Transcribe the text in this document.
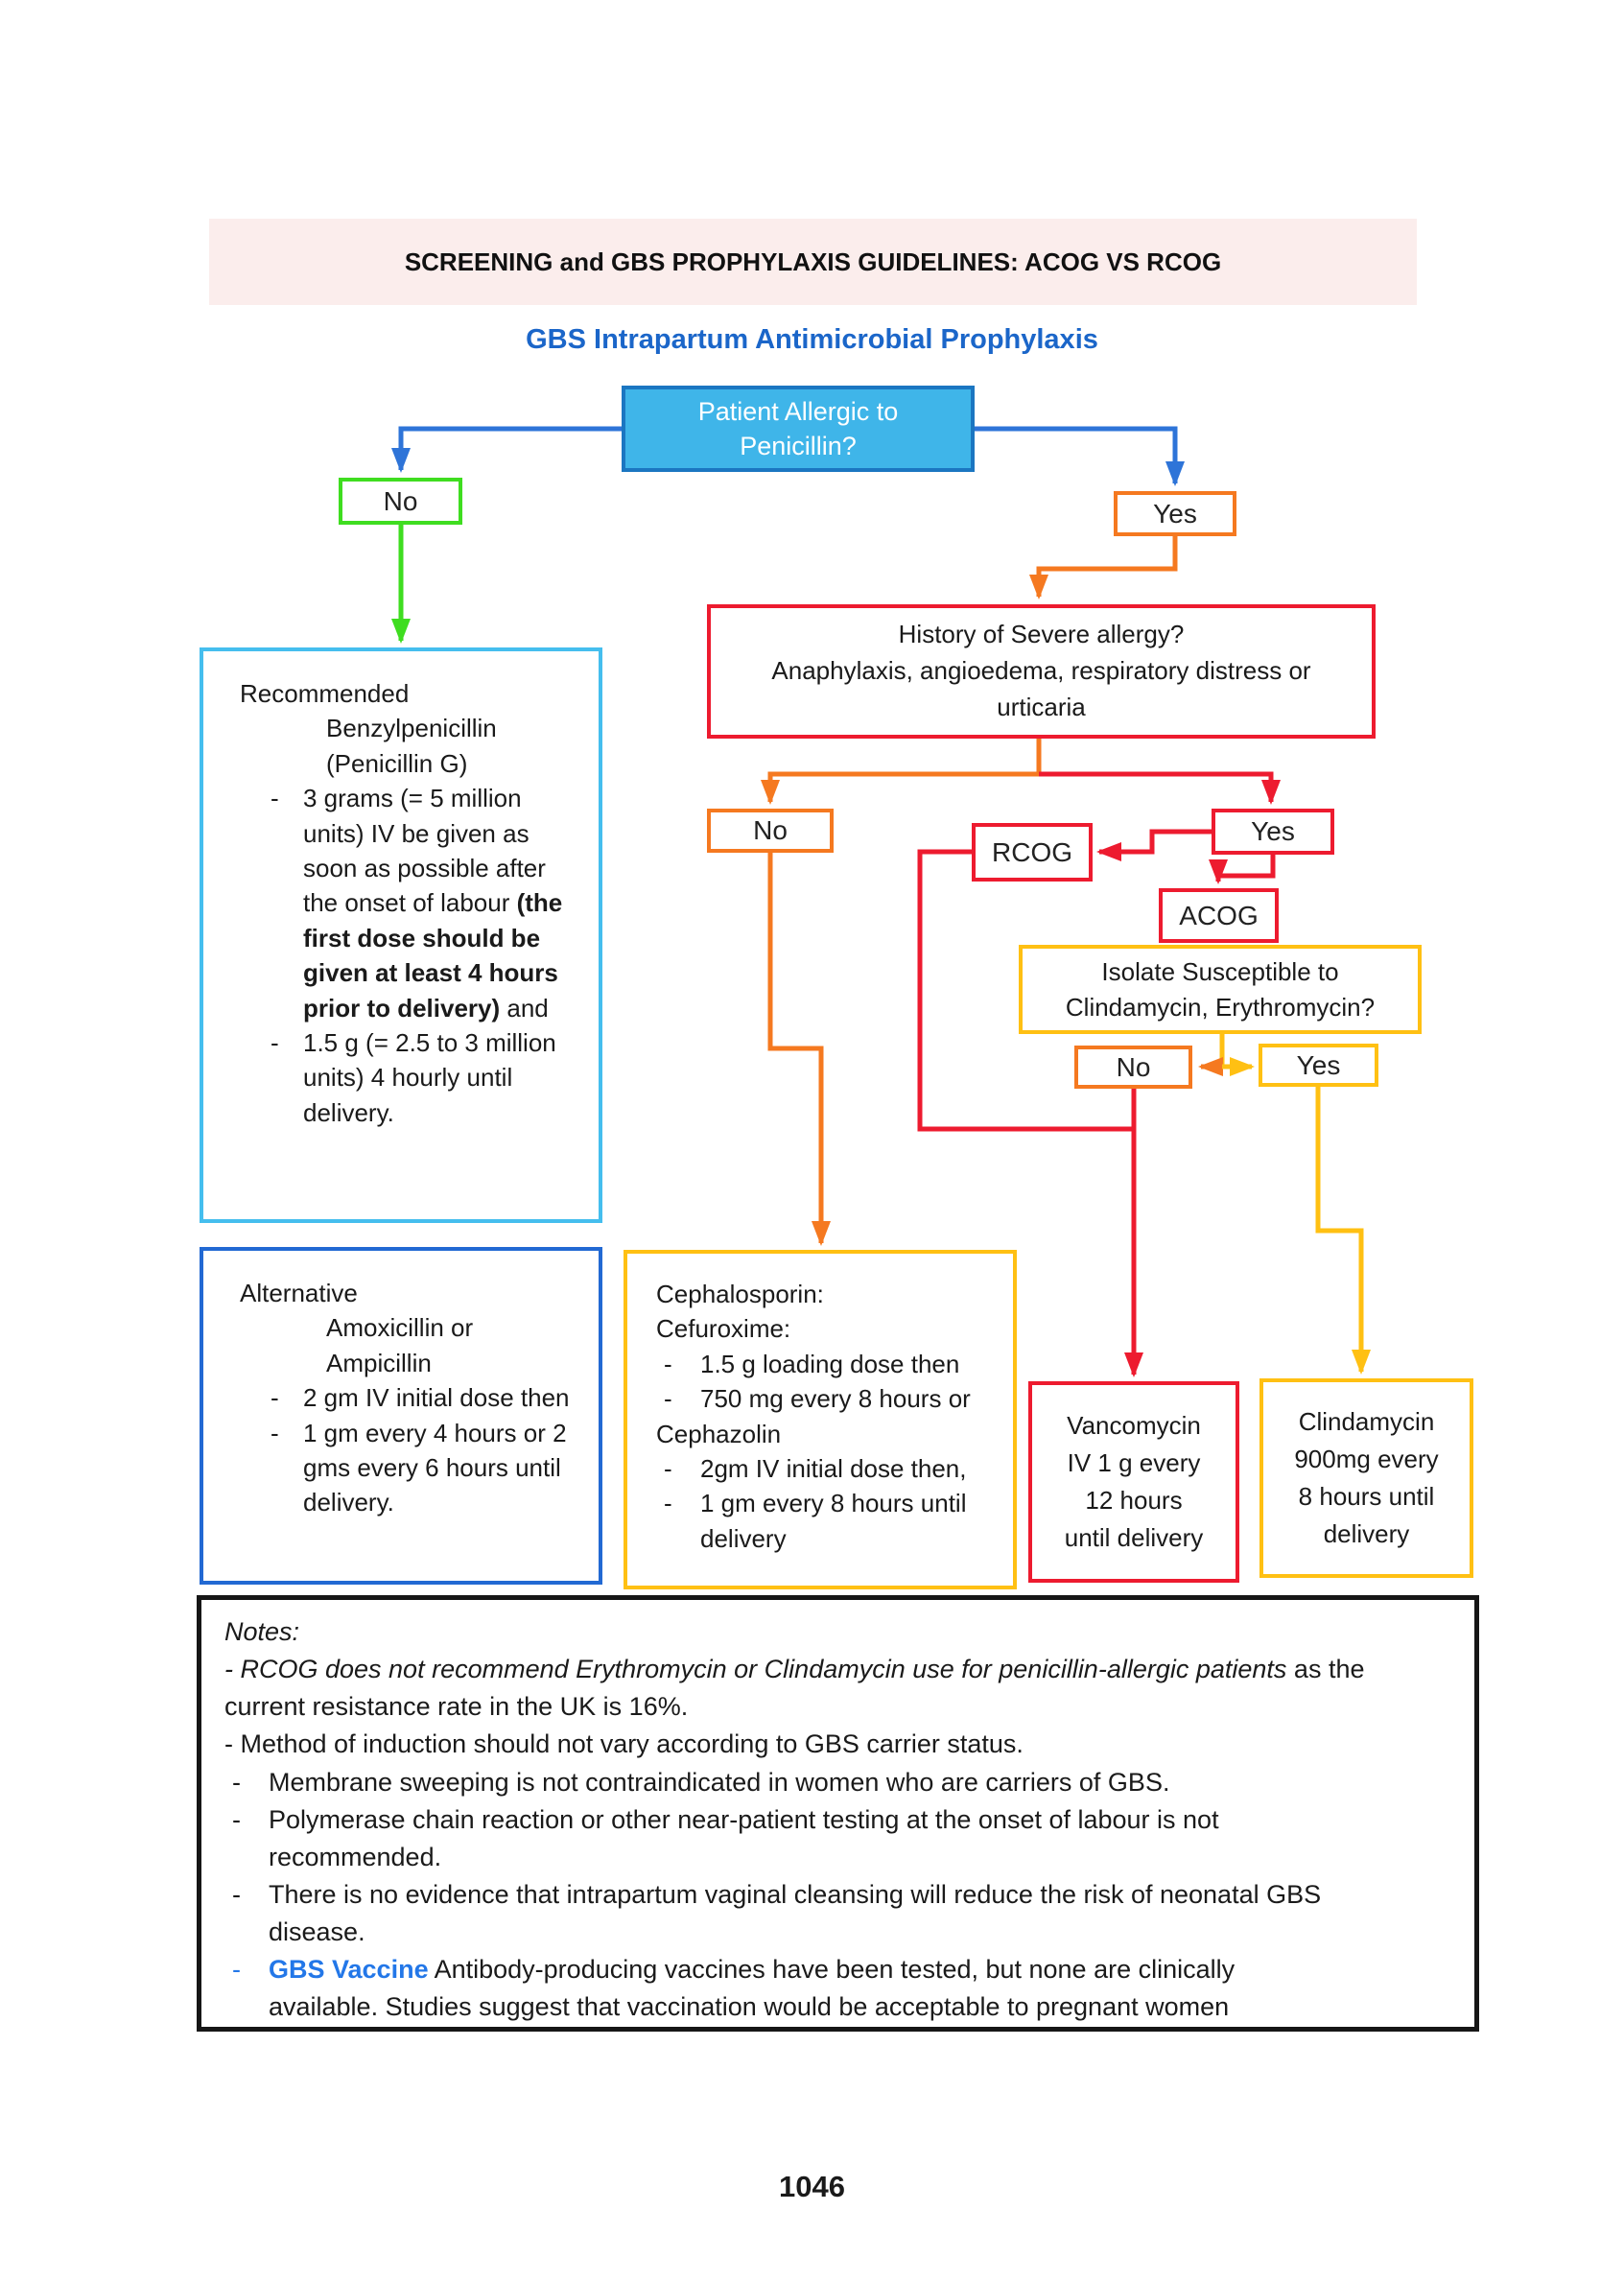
SCREENING and GBS PROPHYLAXIS GUIDELINES: ACOG VS RCOG
GBS Intrapartum Antimicrobial Prophylaxis
Patient Allergic to
Penicillin?
No	Yes
History of Severe allergy?
Anaphylaxis, angioedema, respiratory distress or
urticaria
No
RCOG
Yes
ACOG
Isolate Susceptible to
Clindamycin, Erythromycin?
No	Yes
Recommended
Benzylpenicillin
(Penicillin G)
- 3 grams (= 5 million units) IV be given as soon as possible after the onset of labour (the first dose should be given at least 4 hours prior to delivery) and
- 1.5 g (= 2.5 to 3 million units) 4 hourly until delivery.
Alternative
Amoxicillin or
Ampicillin
- 2 gm IV initial dose then
- 1 gm every 4 hours or 2 gms every 6 hours until delivery.
Cephalosporin:
Cefuroxime:
-	1.5 g loading dose then
-	750 mg every 8 hours or
Cephazolin
-	2gm IV initial dose then,
-	1 gm every 8 hours until delivery
Vancomycin
IV 1 g every
12 hours
until delivery
Clindamycin
900mg every
8 hours until
delivery

Notes:

- RCOG does not recommend Erythromycin or Clindamycin use for penicillin-allergic patients as the current resistance rate in the UK is 16%.

- Method of induction should not vary according to GBS carrier status.

-	Membrane sweeping is not contraindicated in women who are carriers of GBS.
-	Polymerase chain reaction or other near-patient testing at the onset of labour is not recommended.
-	There is no evidence that intrapartum vaginal cleansing will reduce the risk of neonatal GBS disease.
-	GBS Vaccine Antibody-producing vaccines have been tested, but none are clinically available. Studies suggest that vaccination would be acceptable to pregnant women
1046
